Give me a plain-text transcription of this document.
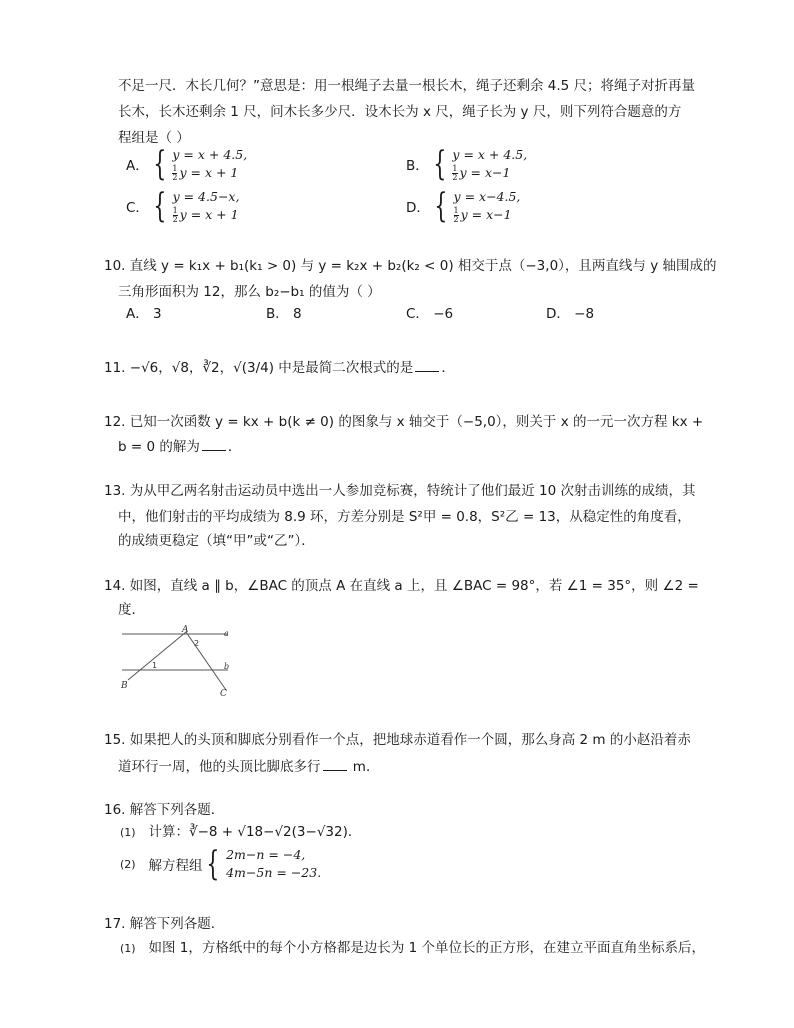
不足一尺．木长几何？”意思是：用一根绳子去量一根长木，绳子还剩余 4.5 尺；将绳子对折再量
长木，长木还剩余 1 尺，问木长多少尺．设木长为 x 尺，绳子长为 y 尺，则下列符合题意的方
程组是（ ）
A． { y = x + 4.5,
$\frac{1}{2}$ y = x + 1	B． { y = x + 4.5,
$\frac{1}{2}$ y = x−1
C． { y = 4.5−x,
$\frac{1}{2}$ y = x + 1	D． { y = x−4.5,
$\frac{1}{2}$ y = x−1
10. 直线 y = k₁x + b₁(k₁ > 0) 与 y = k₂x + b₂(k₂ < 0) 相交于点（−3,0），且两直线与 y 轴围成的
三角形面积为 12，那么 b₂−b₁ 的值为（ ）
A． 3	B． 8	C． −6	D． −8
11. −√6，√8，∛2，√(3/4) 中是最简二次根式的是 ．
12. 已知一次函数 y = kx + b(k ≠ 0) 的图象与 x 轴交于（−5,0），则关于 x 的一元一次方程 kx +
b = 0 的解为 ．
13. 为从甲乙两名射击运动员中选出一人参加竞标赛，特统计了他们最近 10 次射击训练的成绩，其
中，他们射击的平均成绩为 8.9 环，方差分别是 S²甲 = 0.8，S²乙 = 13，从稳定性的角度看，
的成绩更稳定（填“甲”或“乙”）．
14. 如图，直线 a ∥ b，∠BAC 的顶点 A 在直线 a 上，且 ∠BAC = 98°，若 ∠1 = 35°，则 ∠2 =
度．
A
B
C
a
b
1
2
15. 如果把人的头顶和脚底分别看作一个点，把地球赤道看作一个圆，那么身高 2 m 的小赵沿着赤
道环行一周，他的头顶比脚底多行 m．
16. 解答下列各题．
(1) 计算：∛−8 + √18−√2(3−√32)．
(2)
解方程组 { 2m−n = −4,
4m−5n = −23.
17. 解答下列各题．
(1) 如图 1，方格纸中的每个小方格都是边长为 1 个单位长的正方形，在建立平面直角坐标系后，
